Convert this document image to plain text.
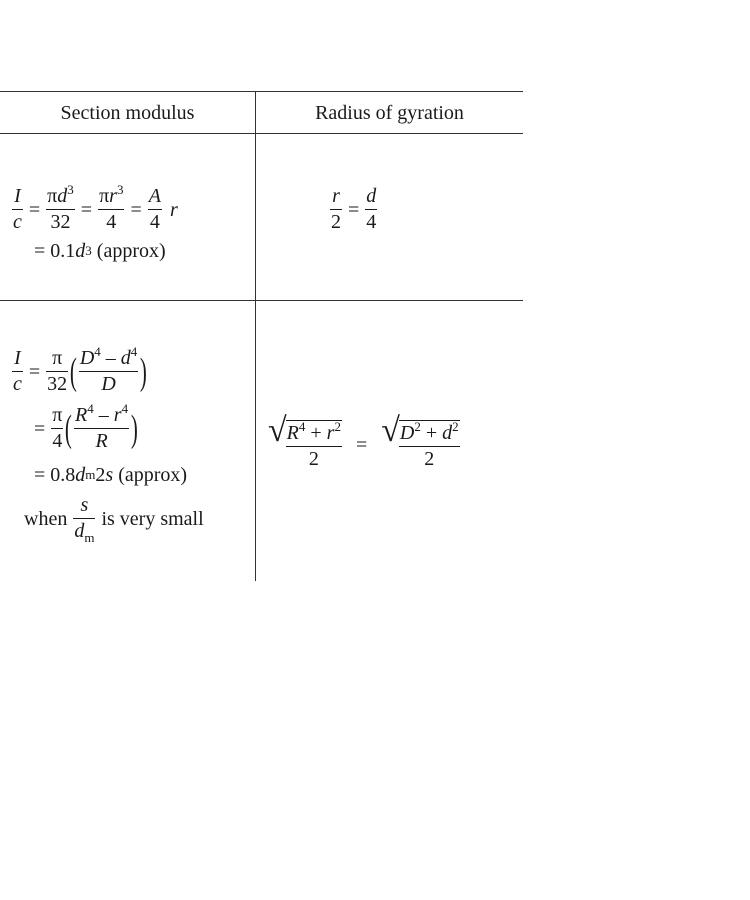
Section modulus	Radius of gyration
$\frac{I}{c} = \frac{\pi d^3}{32} = \frac{\pi r^3}{4} = \frac{A}{4}$ r
= 0.1 d 3 (approx)
$\frac{r}{2} = \frac{d}{4}$
$\frac{I}{c} = \frac{\pi}{32}$ ( $\frac{D^4 - d^4}{D}$ )
= $\frac{\pi}{4}$ ( $\frac{R^4 - r^4}{R}$ )
= 0.8 d m 2 s (approx)
when $\frac{s}{d_m}$ is very small
√ $\frac{R^4 + r^2}{2}$ = √ $\frac{D^2 + d^2}{2}$
